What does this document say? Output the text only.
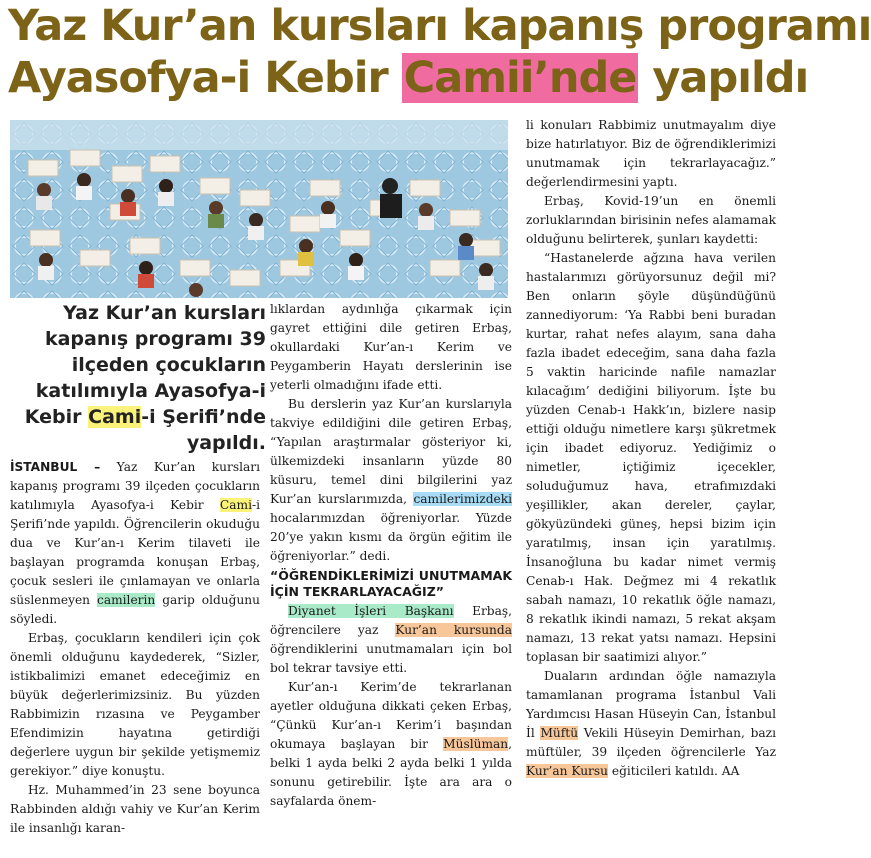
Yaz Kur’an kursları kapanış programı
Ayasofya-i Kebir Camii’nde yapıldı
Yaz Kur’an kursları kapanış programı 39 ilçeden çocukların katılımıyla Ayasofya-i Kebir Cami-i Şerifi’nde yapıldı.

İSTANBUL – Yaz Kur’an kursları kapanış programı 39 ilçeden çocukların katılımıyla Ayasofya-i Kebir Cami-i Şerifi’nde yapıldı. Öğrencilerin okuduğu dua ve Kur’an-ı Kerim tilaveti ile başlayan programda konuşan Erbaş, çocuk sesleri ile çınlamayan ve onlarla süslenmeyen camilerin garip olduğunu söyledi.

Erbaş, çocukların kendileri için çok önemli olduğunu kaydederek, “Sizler, istikbalimizi emanet edeceğimiz en büyük değerlerimizsiniz. Bu yüzden Rabbimizin rızasına ve Peygamber Efendimizin hayatına getirdiği değerlere uygun bir şekilde yetişmemiz gerekiyor.” diye konuştu.

Hz. Muhammed’in 23 sene boyunca Rabbinden aldığı vahiy ve Kur’an Kerim ile insanlığı karan-

lıklardan aydınlığa çıkarmak için gayret ettiğini dile getiren Erbaş, okullardaki Kur’an-ı Kerim ve Peygamberin Hayatı derslerinin ise yeterli olmadığını ifade etti.

Bu derslerin yaz Kur’an kurslarıyla takviye edildiğini dile getiren Erbaş, “Yapılan araştırmalar gösteriyor ki, ülkemizdeki insanların yüzde 80 küsuru, temel dini bilgilerini yaz Kur’an kurslarımızda, camilerimizdeki hocalarımızdan öğreniyorlar. Yüzde 20’ye yakın kısmı da örgün eğitim ile öğreniyorlar.” dedi.

“ÖĞRENDİKLERİMİZİ UNUTMAMAK İÇİN TEKRARLAYACAĞIZ”

Diyanet İşleri Başkanı Erbaş, öğrencilere yaz Kur’an kursunda öğrendiklerini unutmamaları için bol bol tekrar tavsiye etti.

Kur’an-ı Kerim’de tekrarlanan ayetler olduğuna dikkati çeken Erbaş, “Çünkü Kur’an-ı Kerim’i başından okumaya başlayan bir Müslüman, belki 1 ayda belki 2 ayda belki 1 yılda sonunu getirebilir. İşte ara ara o sayfalarda önem-

li konuları Rabbimiz unutmayalım diye bize hatırlatıyor. Biz de öğrendiklerimizi unutmamak için tekrarlayacağız.” değerlendirmesini yaptı.

Erbaş, Kovid-19’un en önemli zorluklarından birisinin nefes alamamak olduğunu belirterek, şunları kaydetti:

“Hastanelerde ağzına hava verilen hastalarımızı görüyorsunuz değil mi? Ben onların şöyle düşündüğünü zannediyorum: ‘Ya Rabbi beni buradan kurtar, rahat nefes alayım, sana daha fazla ibadet edeceğim, sana daha fazla 5 vaktin haricinde nafile namazlar kılacağım’ dediğini biliyorum. İşte bu yüzden Cenab-ı Hakk’ın, bizlere nasip ettiği olduğu nimetlere karşı şükretmek için ibadet ediyoruz. Yediğimiz o nimetler, içtiğimiz içecekler, soluduğumuz hava, etrafımızdaki yeşillikler, akan dereler, çaylar, gökyüzündeki güneş, hepsi bizim için yaratılmış, insan için yaratılmış. İnsanoğluna bu kadar nimet vermiş Cenab-ı Hak. Değmez mi 4 rekatlık sabah namazı, 10 rekatlık öğle namazı, 8 rekatlık ikindi namazı, 5 rekat akşam namazı, 13 rekat yatsı namazı. Hepsini toplasan bir saatimizi alıyor.”

Duaların ardından öğle namazıyla tamamlanan programa İstanbul Vali Yardımcısı Hasan Hüseyin Can, İstanbul İl Müftü Vekili Hüseyin Demirhan, bazı müftüler, 39 ilçeden öğrencilerle Yaz Kur’an Kursu eğiticileri katıldı. AA
